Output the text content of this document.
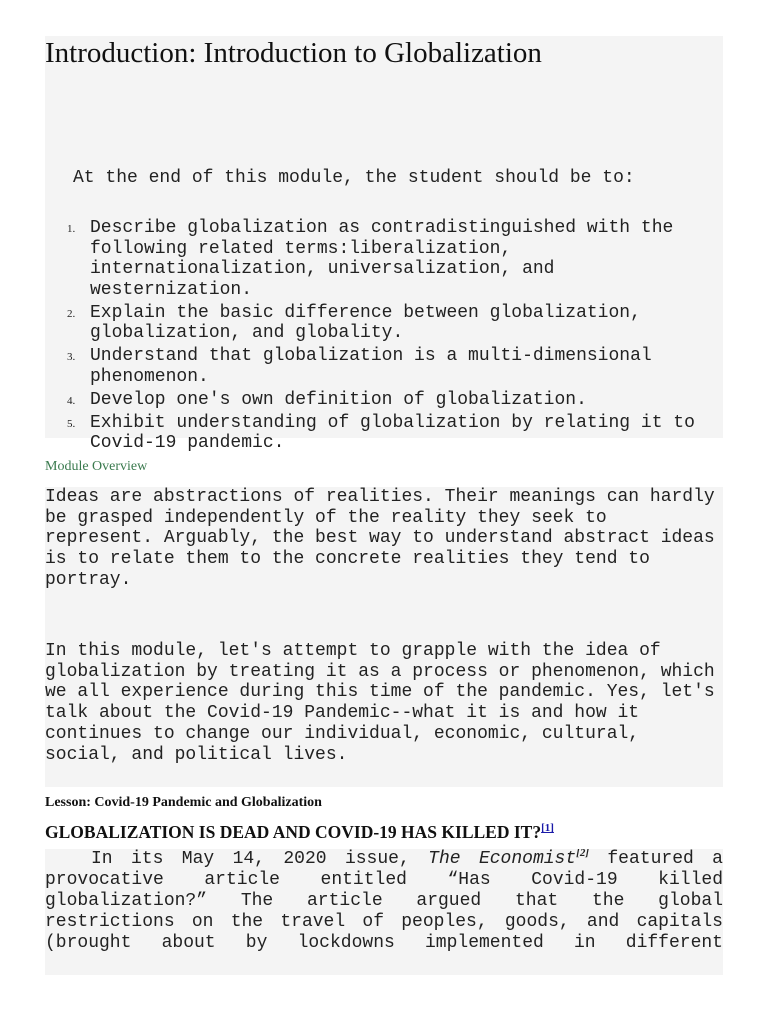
Introduction: Introduction to Globalization

At the end of this module, the student should be to:

1. Describe globalization as contradistinguished with the following related terms:liberalization, internationalization, universalization, and westernization.
2. Explain the basic difference between globalization, globalization, and globality.
3. Understand that globalization is a multi-dimensional phenomenon.
4. Develop one's own definition of globalization.
5. Exhibit understanding of globalization by relating it to Covid-19 pandemic.
Module Overview

Ideas are abstractions of realities. Their meanings can hardly be grasped independently of the reality they seek to represent. Arguably, the best way to understand abstract ideas is to relate them to the concrete realities they tend to portray.

In this module, let's attempt to grapple with the idea of globalization by treating it as a process or phenomenon, which we all experience during this time of the pandemic. Yes, let's talk about the Covid-19 Pandemic--what it is and how it continues to change our individual, economic, cultural, social, and political lives.

Lesson: Covid-19 Pandemic and Globalization
GLOBALIZATION IS DEAD AND COVID-19 HAS KILLED IT?[1]

In its May 14, 2020 issue, The Economist[2] featured a provocative article entitled “Has Covid-19 killed globalization?” The article argued that the global restrictions on the travel of peoples, goods, and capitals (brought about by lockdowns implemented in different
